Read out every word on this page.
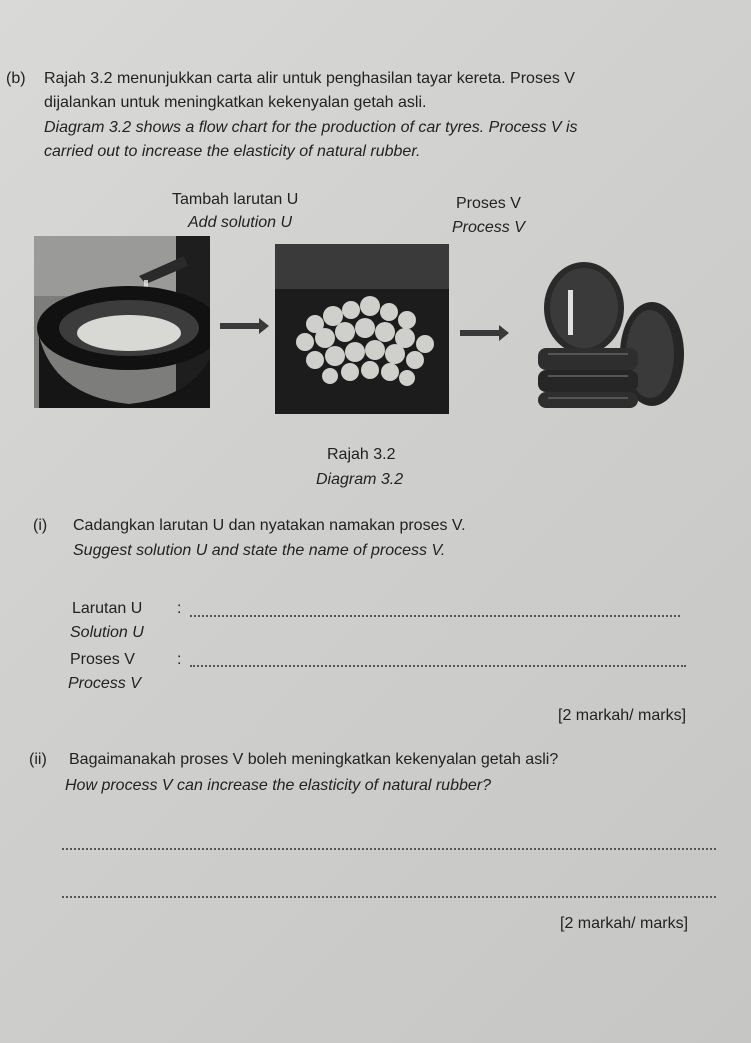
(b) Rajah 3.2 menunjukkan carta alir untuk penghasilan tayar kereta. Proses V
dijalankan untuk meningkatkan kekenyalan getah asli.
Diagram 3.2 shows a flow chart for the production of car tyres. Process V is
carried out to increase the elasticity of natural rubber.
Tambah larutan U
Add solution U
Proses V
Process V
Rajah 3.2
Diagram 3.2
(i) Cadangkan larutan U dan nyatakan namakan proses V.
Suggest solution U and state the name of process V.
Larutan U :
Solution U
Proses V	:
Process V
[2 markah/ marks]
(ii) Bagaimanakah proses V boleh meningkatkan kekenyalan getah asli?
How process V can increase the elasticity of natural rubber?
[2 markah/ marks]
